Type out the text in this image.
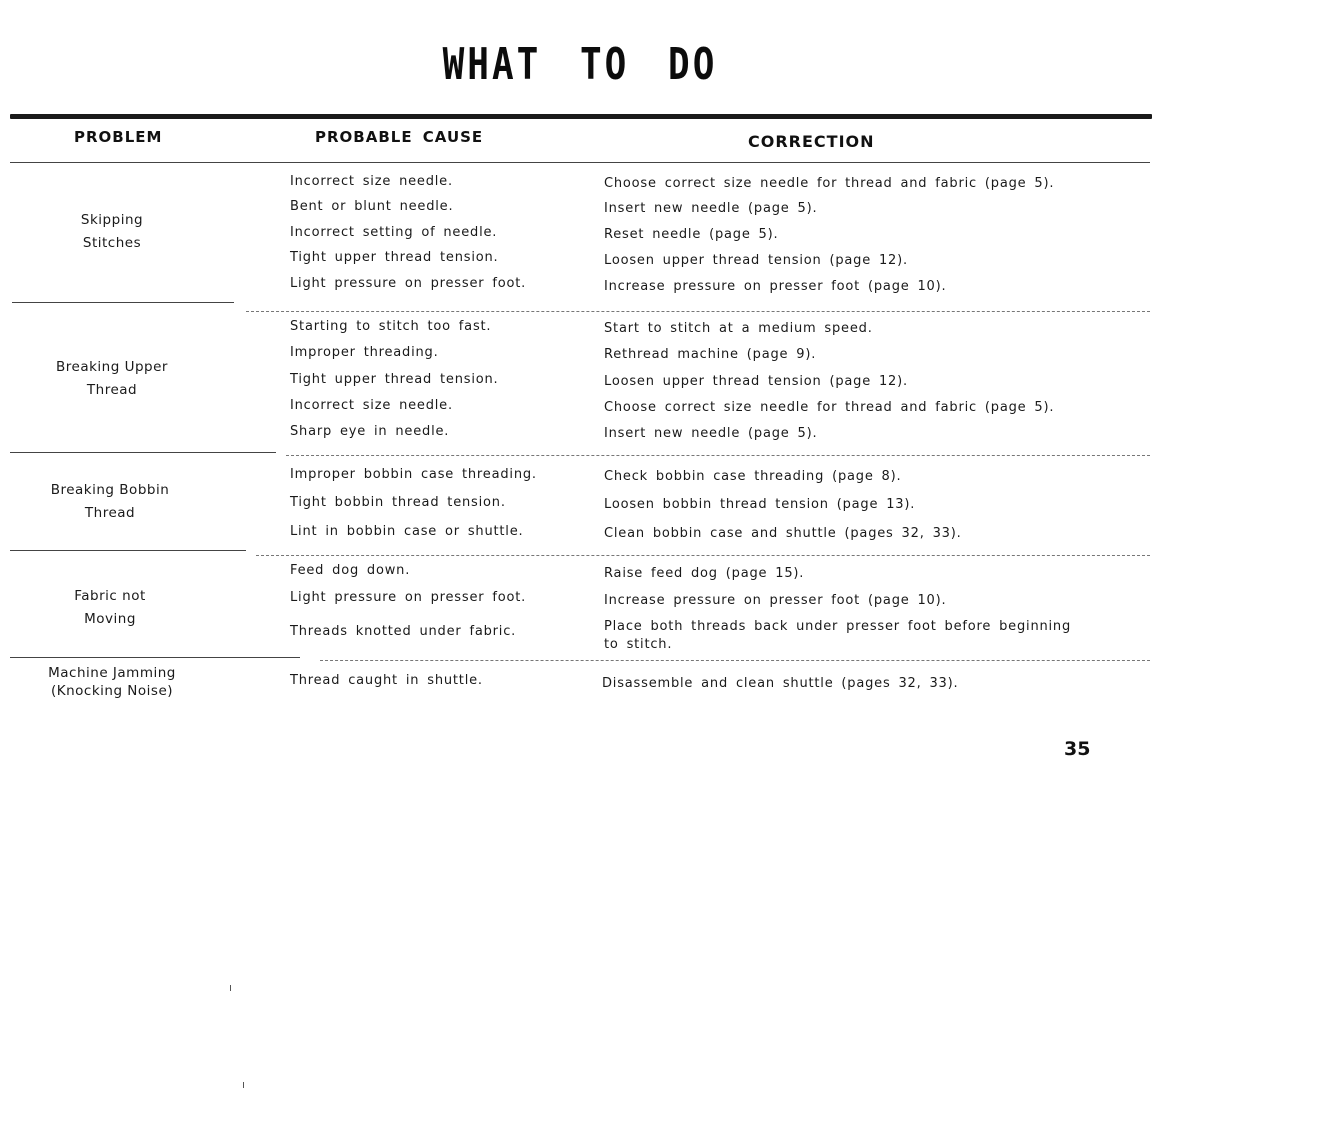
WHAT TO DO
PROBLEM	PROBABLE CAUSE	CORRECTION
Skipping
Stitches
Incorrect size needle.	Choose correct size needle for thread and fabric (page 5).
Bent or blunt needle.	Insert new needle (page 5).
Incorrect setting of needle.	Reset needle (page 5).
Tight upper thread tension.	Loosen upper thread tension (page 12).
Light pressure on presser foot.	Increase pressure on presser foot (page 10).
Breaking Upper
Thread
Starting to stitch too fast.	Start to stitch at a medium speed.
Improper threading.	Rethread machine (page 9).
Tight upper thread tension.	Loosen upper thread tension (page 12).
Incorrect size needle.	Choose correct size needle for thread and fabric (page 5).
Sharp eye in needle.	Insert new needle (page 5).
Breaking Bobbin
Thread
Improper bobbin case threading.	Check bobbin case threading (page 8).
Tight bobbin thread tension.	Loosen bobbin thread tension (page 13).
Lint in bobbin case or shuttle.	Clean bobbin case and shuttle (pages 32, 33).
Fabric not
Moving
Feed dog down.	Raise feed dog (page 15).
Light pressure on presser foot.	Increase pressure on presser foot (page 10).
Threads knotted under fabric.	Place both threads back under presser foot before beginning to stitch.
Machine Jamming
(Knocking Noise)
Thread caught in shuttle.	Disassemble and clean shuttle (pages 32, 33).
35
